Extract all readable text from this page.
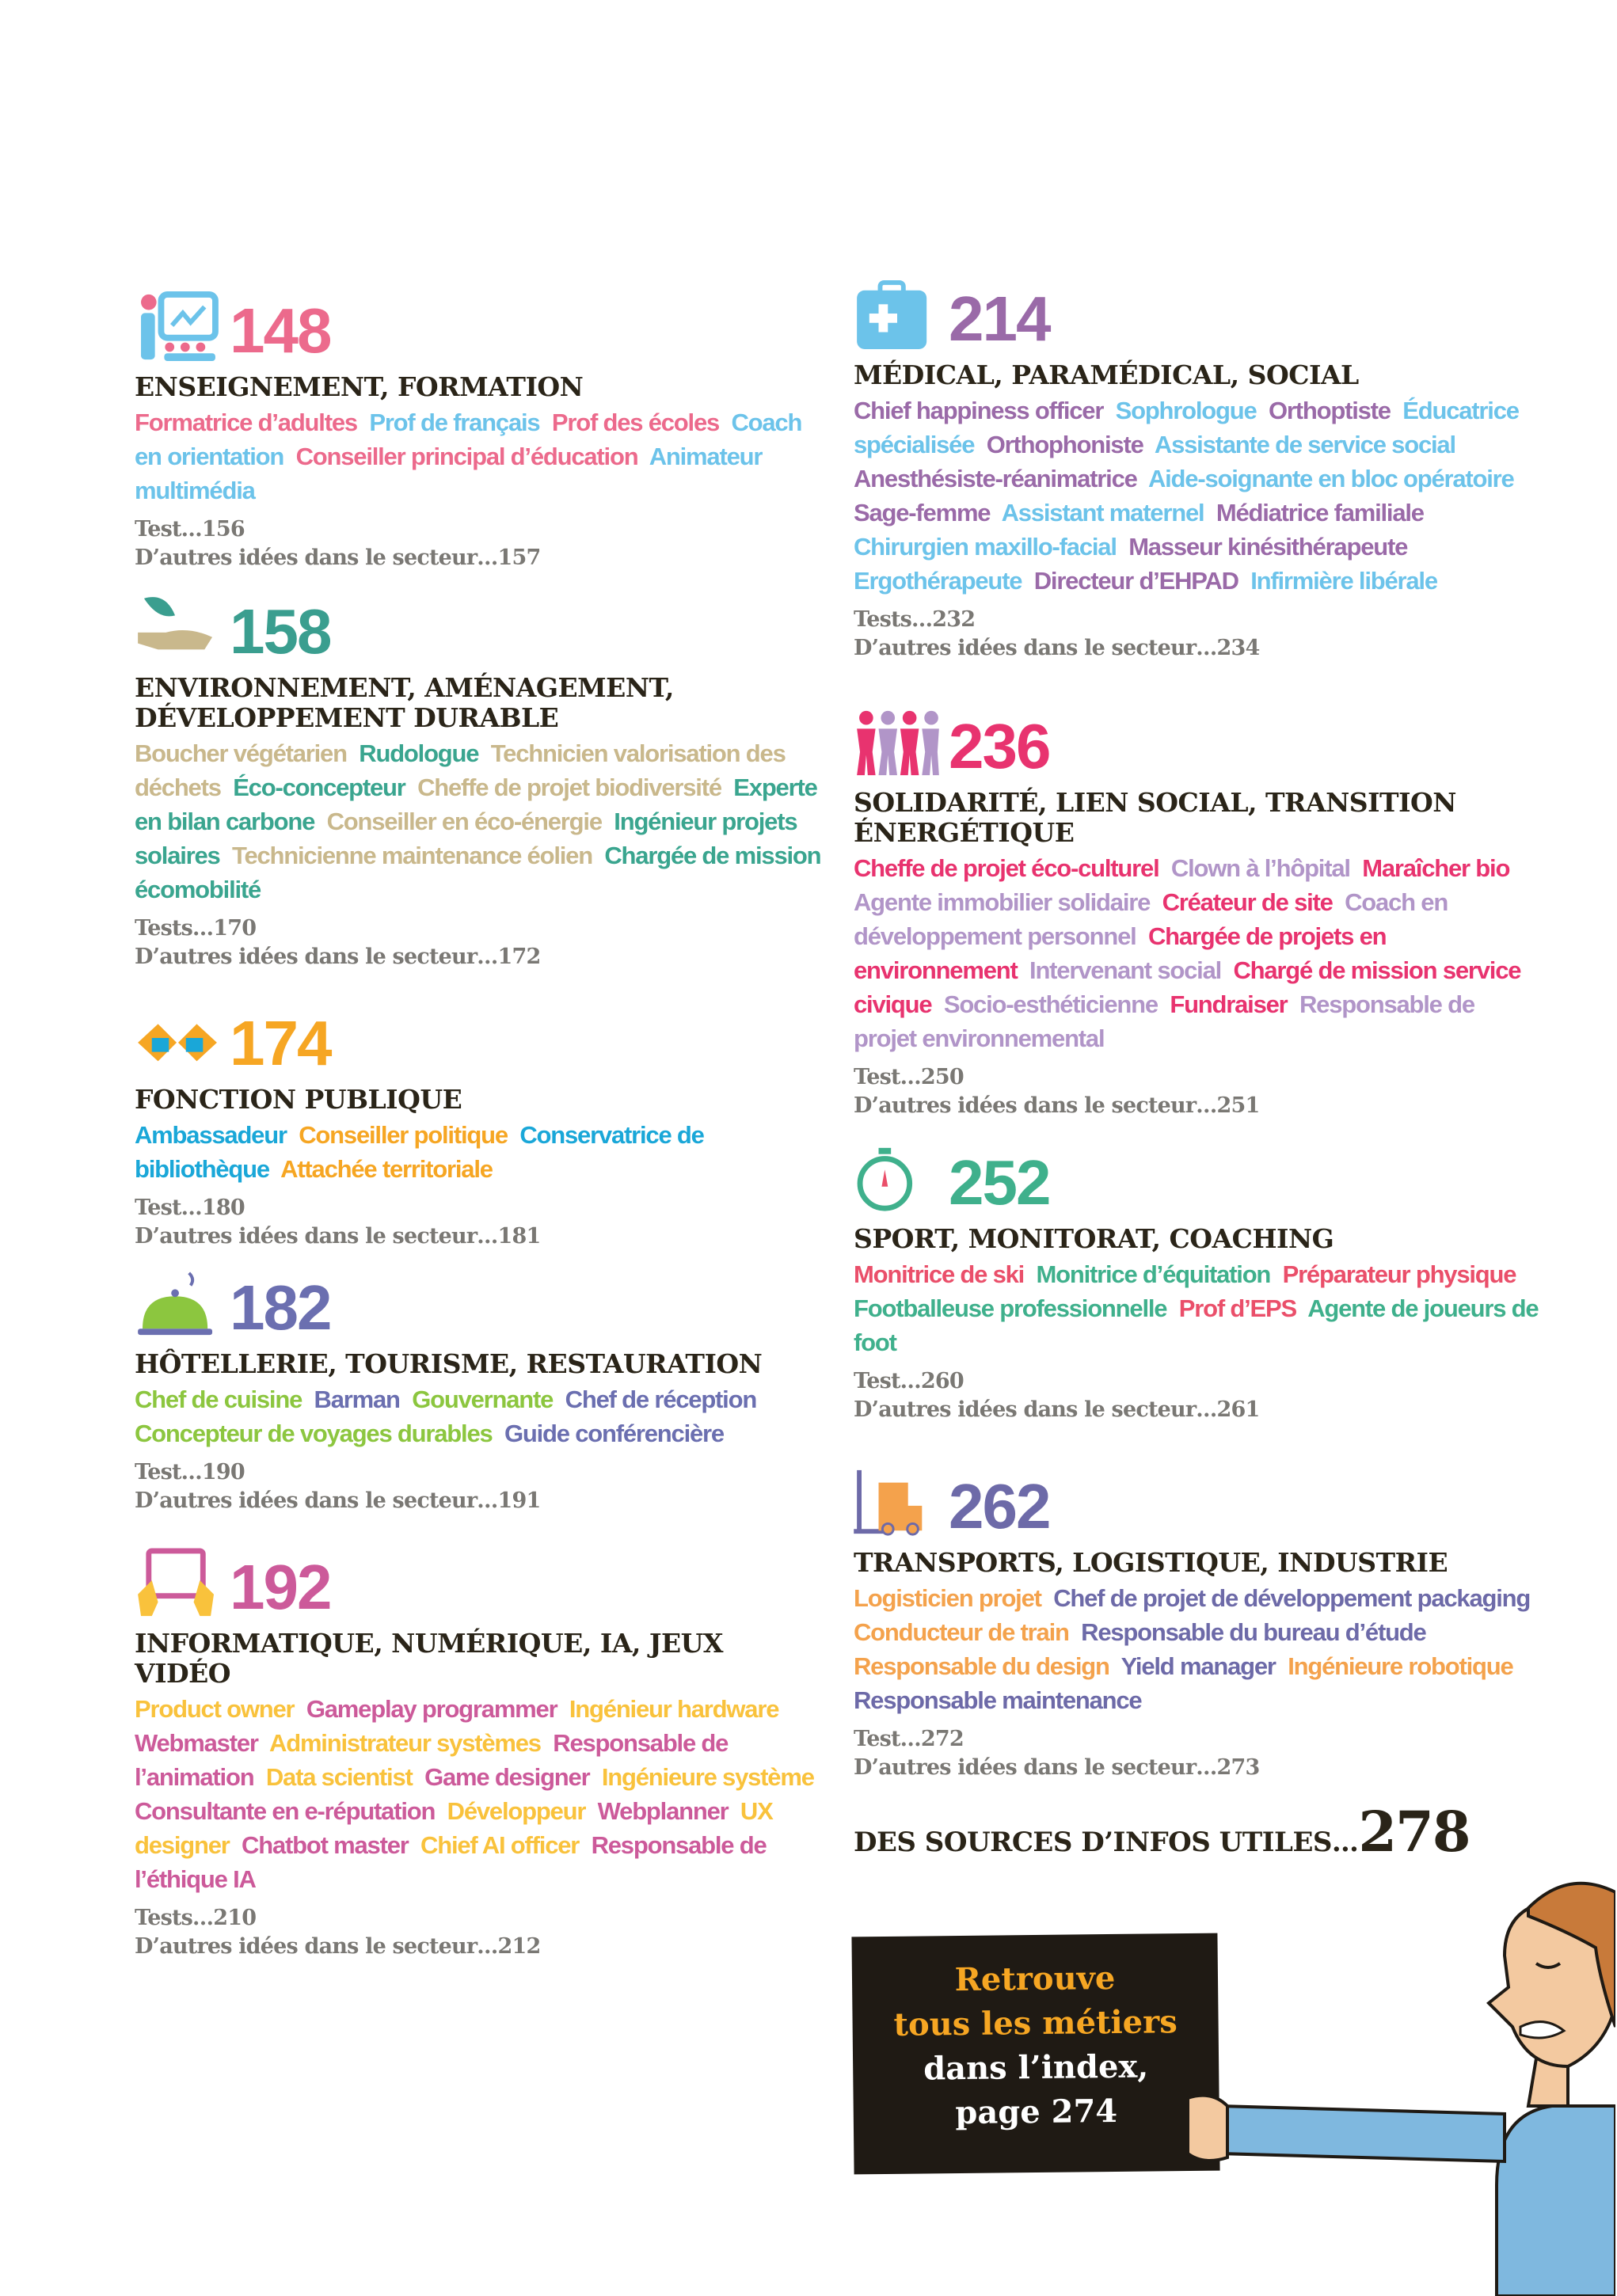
148
ENSEIGNEMENT, FORMATION
Formatrice d’adultes Prof de français Prof des écoles Coach en orientation Conseiller principal d’éducation Animateur multimédia
Test…156
D’autres idées dans le secteur…157
158
ENVIRONNEMENT, AMÉNAGEMENT, DÉVELOPPEMENT DURABLE
Boucher végétarien Rudologue Technicien valorisation des déchets Éco-concepteur Cheffe de projet biodiversité Experte en bilan carbone Conseiller en éco-énergie Ingénieur projets solaires Technicienne maintenance éolien Chargée de mission écomobilité
Tests…170
D’autres idées dans le secteur…172
174
FONCTION PUBLIQUE
Ambassadeur Conseiller politique Conservatrice de bibliothèque Attachée territoriale
Test…180
D’autres idées dans le secteur…181
182
HÔTELLERIE, TOURISME, RESTAURATION
Chef de cuisine Barman Gouvernante Chef de réception Concepteur de voyages durables Guide conférencière
Test…190
D’autres idées dans le secteur…191
192
INFORMATIQUE, NUMÉRIQUE, IA, JEUX VIDÉO
Product owner Gameplay programmer Ingénieur hardware Webmaster Administrateur systèmes Responsable de l’animation Data scientist Game designer Ingénieure système Consultante en e-réputation Développeur Webplanner UX designer Chatbot master Chief AI officer Responsable de l’éthique IA
Tests…210
D’autres idées dans le secteur…212
214
MÉDICAL, PARAMÉDICAL, SOCIAL
Chief happiness officer Sophrologue Orthoptiste Éducatrice spécialisée Orthophoniste Assistante de service social Anesthésiste-réanimatrice Aide-soignante en bloc opératoire Sage-femme Assistant maternel Médiatrice familiale Chirurgien maxillo-facial Masseur kinésithérapeute Ergothérapeute Directeur d’EHPAD Infirmière libérale
Tests…232
D’autres idées dans le secteur…234
236
SOLIDARITÉ, LIEN SOCIAL, TRANSITION ÉNERGÉTIQUE
Cheffe de projet éco-culturel Clown à l’hôpital Maraîcher bio Agente immobilier solidaire Créateur de site Coach en développement personnel Chargée de projets en environnement Intervenant social Chargé de mission service civique Socio-esthéticienne Fundraiser Responsable de projet environnemental
Test…250
D’autres idées dans le secteur…251
252
SPORT, MONITORAT, COACHING
Monitrice de ski Monitrice d’équitation Préparateur physique Footballeuse professionnelle Prof d’EPS Agente de joueurs de foot
Test…260
D’autres idées dans le secteur…261
262
TRANSPORTS, LOGISTIQUE, INDUSTRIE
Logisticien projet Chef de projet de développement packaging Conducteur de train Responsable du bureau d’étude Responsable du design Yield manager Ingénieure robotique Responsable maintenance
Test…272
D’autres idées dans le secteur…273
DES SOURCES D’INFOS UTILES…278
Retrouve
tous les métiers
dans l’index,
page 274
